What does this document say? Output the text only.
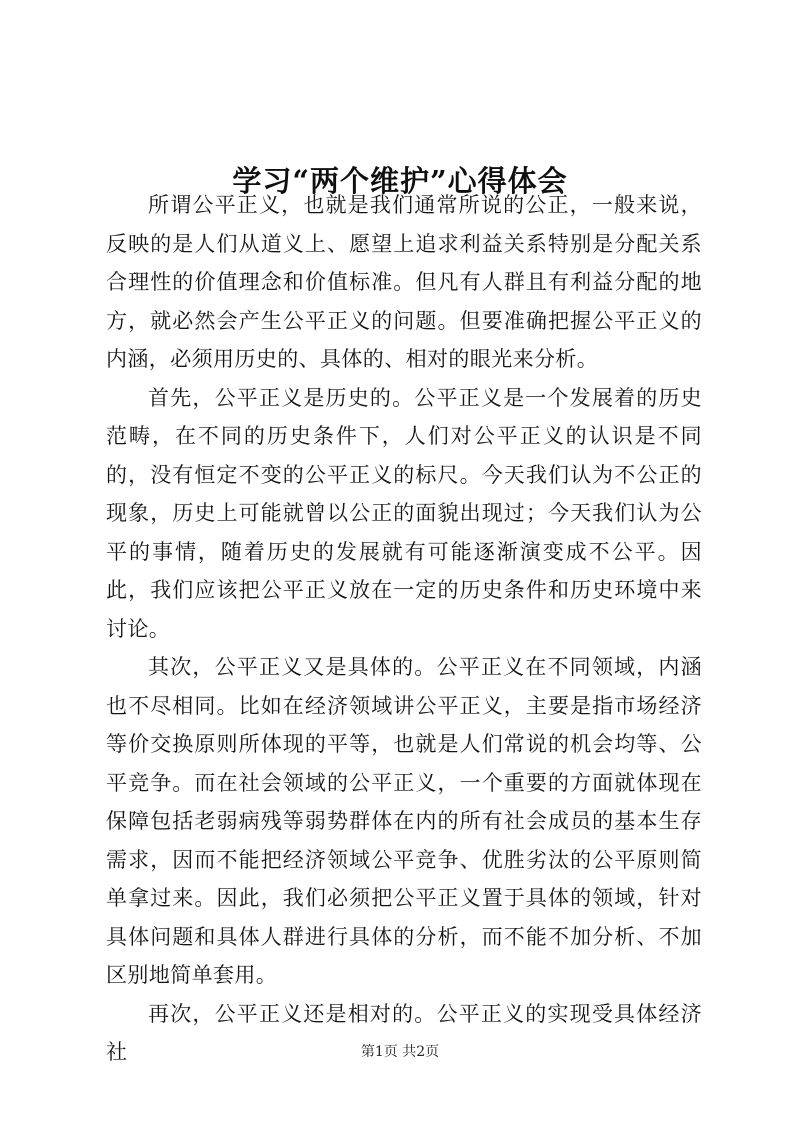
学习“两个维护”心得体会

所谓公平正义，也就是我们通常所说的公正，一般来说，反映的是人们从道义上、愿望上追求利益关系特别是分配关系合理性的价值理念和价值标准。但凡有人群且有利益分配的地方，就必然会产生公平正义的问题。但要准确把握公平正义的内涵，必须用历史的、具体的、相对的眼光来分析。

首先，公平正义是历史的。公平正义是一个发展着的历史范畴，在不同的历史条件下，人们对公平正义的认识是不同的，没有恒定不变的公平正义的标尺。今天我们认为不公正的现象，历史上可能就曾以公正的面貌出现过；今天我们认为公平的事情，随着历史的发展就有可能逐渐演变成不公平。因此，我们应该把公平正义放在一定的历史条件和历史环境中来讨论。

其次，公平正义又是具体的。公平正义在不同领域，内涵也不尽相同。比如在经济领域讲公平正义，主要是指市场经济等价交换原则所体现的平等，也就是人们常说的机会均等、公平竞争。而在社会领域的公平正义，一个重要的方面就体现在保障包括老弱病残等弱势群体在内的所有社会成员的基本生存需求，因而不能把经济领域公平竞争、优胜劣汰的公平原则简单拿过来。因此，我们必须把公平正义置于具体的领域，针对具体问题和具体人群进行具体的分析，而不能不加分析、不加区别地简单套用。

再次，公平正义还是相对的。公平正义的实现受具体经济社	第1页 共2页
